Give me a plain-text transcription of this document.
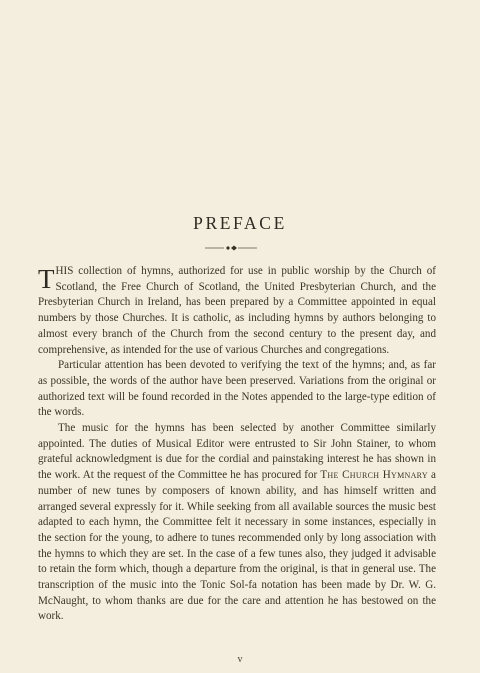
PREFACE

THIS collection of hymns, authorized for use in public worship by the Church of Scotland, the Free Church of Scotland, the United Presbyterian Church, and the Presbyterian Church in Ireland, has been prepared by a Committee appointed in equal numbers by those Churches. It is catholic, as including hymns by authors belonging to almost every branch of the Church from the second century to the present day, and comprehensive, as intended for the use of various Churches and congregations.

Particular attention has been devoted to verifying the text of the hymns; and, as far as possible, the words of the author have been preserved. Variations from the original or authorized text will be found recorded in the Notes appended to the large-type edition of the words.

The music for the hymns has been selected by another Committee similarly appointed. The duties of Musical Editor were entrusted to Sir John Stainer, to whom grateful acknowledgment is due for the cordial and painstaking interest he has shown in the work. At the request of the Committee he has procured for The Church Hymnary a number of new tunes by composers of known ability, and has himself written and arranged several expressly for it. While seeking from all available sources the music best adapted to each hymn, the Committee felt it necessary in some instances, especially in the section for the young, to adhere to tunes recommended only by long association with the hymns to which they are set. In the case of a few tunes also, they judged it advisable to retain the form which, though a departure from the original, is that in general use. The transcription of the music into the Tonic Sol-fa notation has been made by Dr. W. G. McNaught, to whom thanks are due for the care and attention he has bestowed on the work.

v
